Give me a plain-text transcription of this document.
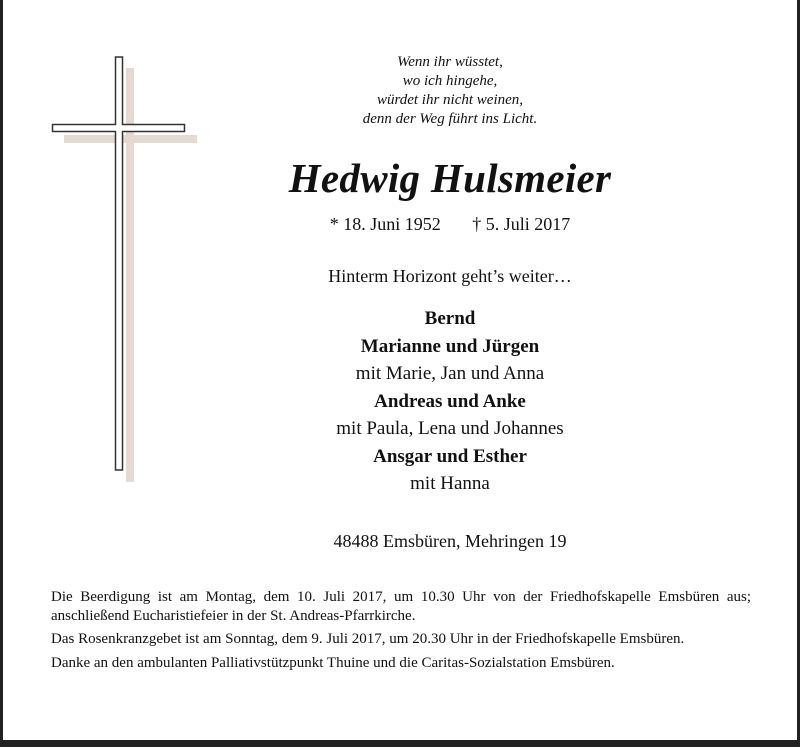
Wenn ihr wüsstet,
wo ich hingehe,
würdet ihr nicht weinen,
denn der Weg führt ins Licht.
Hedwig Hulsmeier
* 18. Juni 1952 † 5. Juli 2017
Hinterm Horizont geht’s weiter…
Bernd
Marianne und Jürgen
mit Marie, Jan und Anna
Andreas und Anke
mit Paula, Lena und Johannes
Ansgar und Esther
mit Hanna
48488 Emsbüren, Mehringen 19

Die Beerdigung ist am Montag, dem 10. Juli 2017, um 10.30 Uhr von der Friedhofskapelle Emsbüren aus; anschließend Eucharistiefeier in der St. Andreas-Pfarrkirche.

Das Rosenkranzgebet ist am Sonntag, dem 9. Juli 2017, um 20.30 Uhr in der Friedhofskapelle Emsbüren.

Danke an den ambulanten Palliativstützpunkt Thuine und die Caritas-Sozialstation Emsbüren.
